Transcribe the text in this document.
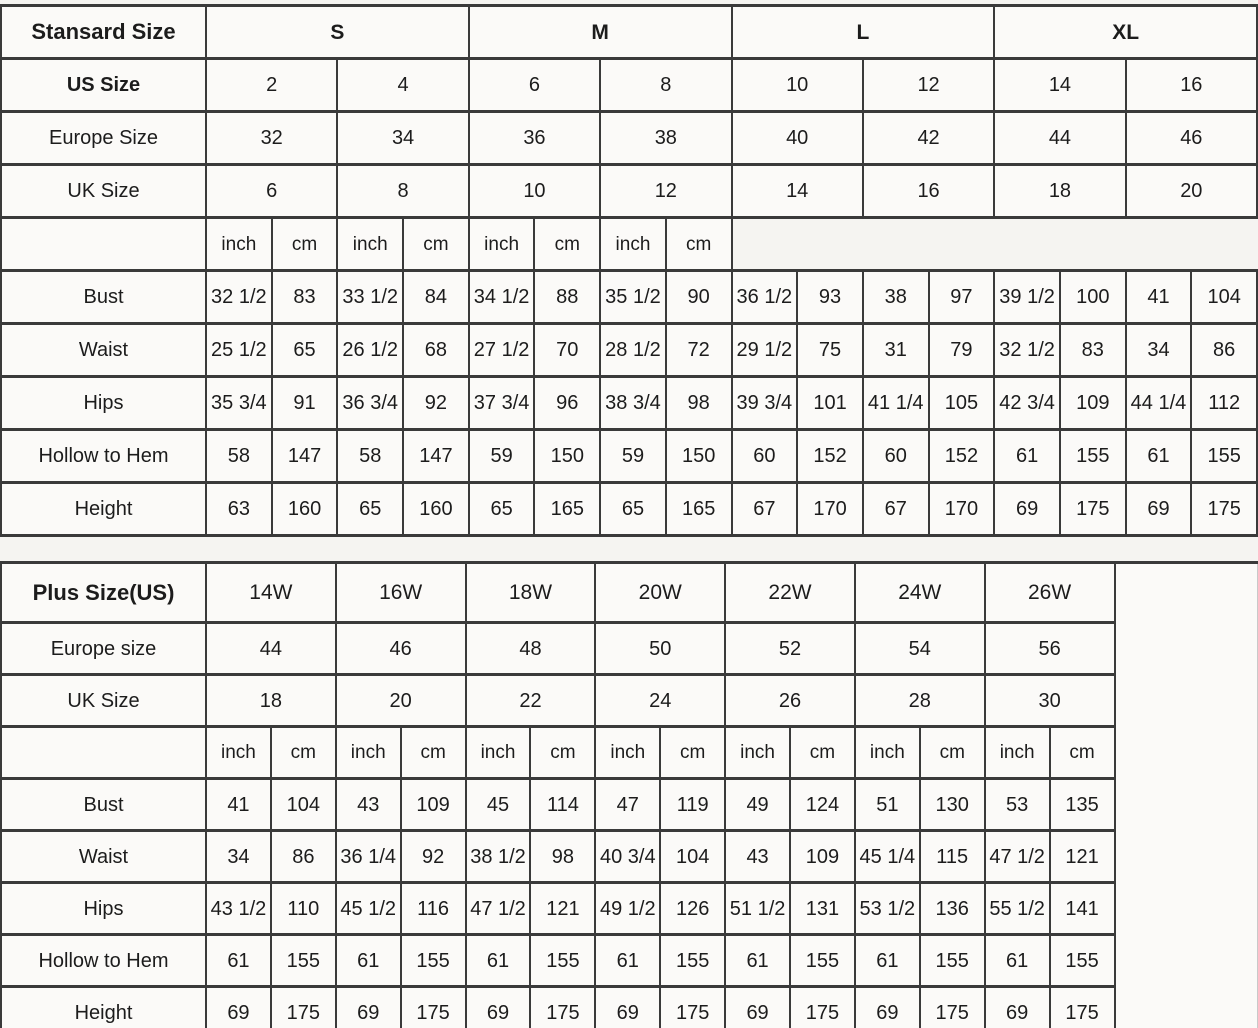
Stansard Size	S				M				L				XL			
US Size	2		4		6		8		10		12		14		16	
Europe Size	32		34		36		38		40		42		44		46	
UK Size	6		8		10		12		14		16		18		20	
	inch	cm	inch	cm	inch	cm	inch	cm								
Bust	32 1/2	83	33 1/2	84	34 1/2	88	35 1/2	90	36 1/2	93	38	97	39 1/2	100	41	104
Waist	25 1/2	65	26 1/2	68	27 1/2	70	28 1/2	72	29 1/2	75	31	79	32 1/2	83	34	86
Hips	35 3/4	91	36 3/4	92	37 3/4	96	38 3/4	98	39 3/4	101	41 1/4	105	42 3/4	109	44 1/4	112
Hollow to Hem	58	147	58	147	59	150	59	150	60	152	60	152	61	155	61	155
Height	63	160	65	160	65	165	65	165	67	170	67	170	69	175	69	175
Plus Size(US)	14W		16W		18W		20W		22W		24W		26W		
Europe size	44		46		48		50		52		54		56		
UK Size	18		20		22		24		26		28		30		
	inch	cm	inch	cm	inch	cm	inch	cm	inch	cm	inch	cm	inch	cm	
Bust	41	104	43	109	45	114	47	119	49	124	51	130	53	135	
Waist	34	86	36 1/4	92	38 1/2	98	40 3/4	104	43	109	45 1/4	115	47 1/2	121	
Hips	43 1/2	110	45 1/2	116	47 1/2	121	49 1/2	126	51 1/2	131	53 1/2	136	55 1/2	141	
Hollow to Hem	61	155	61	155	61	155	61	155	61	155	61	155	61	155	
Height	69	175	69	175	69	175	69	175	69	175	69	175	69	175	
